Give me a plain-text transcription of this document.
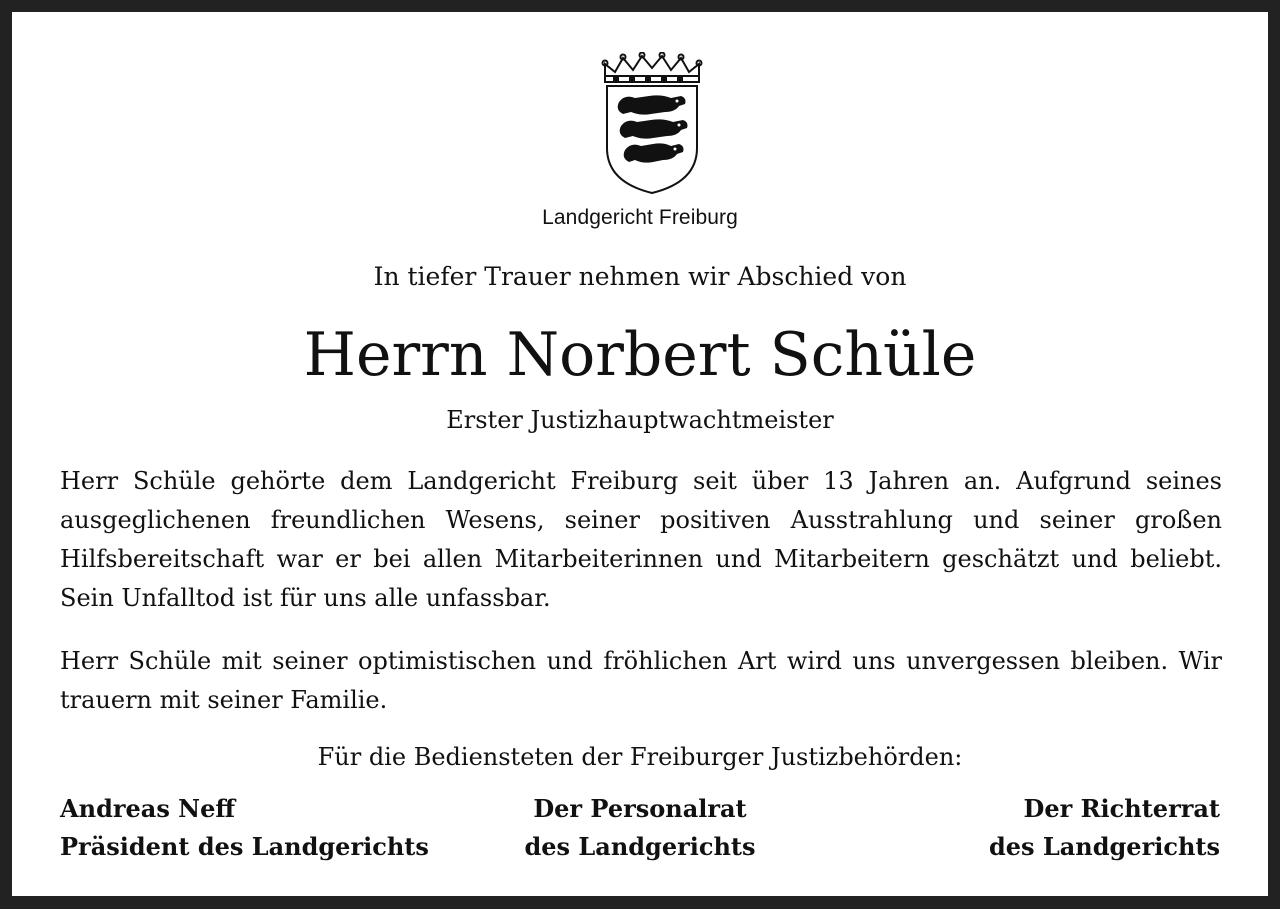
Landgericht Freiburg
In tiefer Trauer nehmen wir Abschied von
Herrn Norbert Schüle
Erster Justizhauptwachtmeister
Herr Schüle gehörte dem Landgericht Freiburg seit über 13 Jahren an. Aufgrund seines ausgeglichenen freundlichen Wesens, seiner positiven Ausstrahlung und seiner großen Hilfsbereitschaft war er bei allen Mitarbeiterinnen und Mitarbeitern geschätzt und beliebt. Sein Unfalltod ist für uns alle unfassbar.
Herr Schüle mit seiner optimistischen und fröhlichen Art wird uns unvergessen bleiben. Wir trauern mit seiner Familie.
Für die Bediensteten der Freiburger Justizbehörden:
Andreas Neff
Präsident des Landgerichts
Der Personalrat
des Landgerichts
Der Richterrat
des Landgerichts
